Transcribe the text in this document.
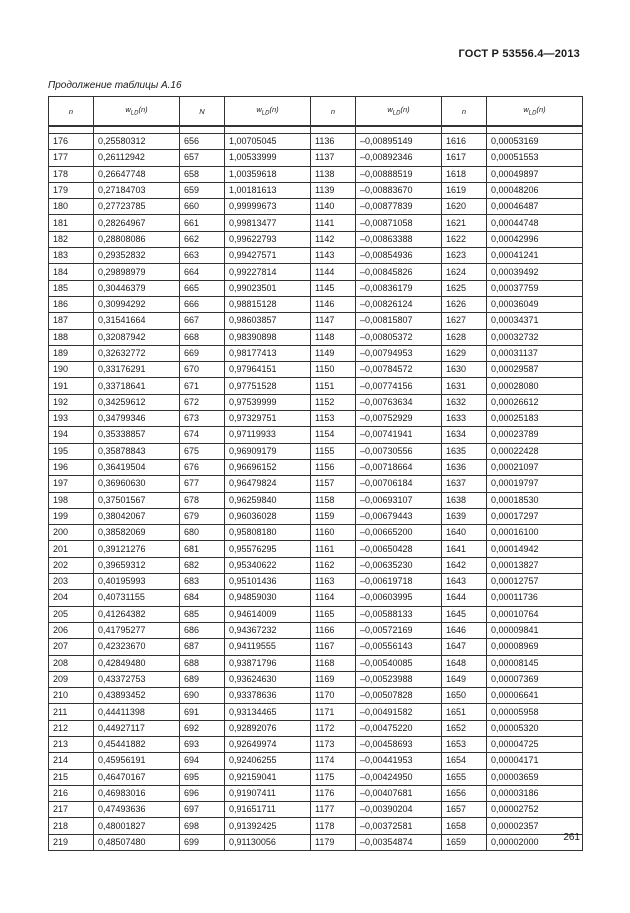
ГОСТ Р 53556.4—2013
Продолжение таблицы А.16
n	$w_{LD}(n)$	N	$w_{LD}(n)$	n	$w_{LD}(n)$	n	$w_{LD}(n)$

176	0,25580312	656	1,00705045	1136	–0,00895149	1616	0,00053169
177	0,26112942	657	1,00533999	1137	–0,00892346	1617	0,00051553
178	0,26647748	658	1,00359618	1138	–0,00888519	1618	0,00049897
179	0,27184703	659	1,00181613	1139	–0,00883670	1619	0,00048206
180	0,27723785	660	0,99999673	1140	–0,00877839	1620	0,00046487
181	0,28264967	661	0,99813477	1141	–0,00871058	1621	0,00044748
182	0,28808086	662	0,99622793	1142	–0,00863388	1622	0,00042996
183	0,29352832	663	0,99427571	1143	–0,00854936	1623	0,00041241
184	0,29898979	664	0,99227814	1144	–0,00845826	1624	0,00039492
185	0,30446379	665	0,99023501	1145	–0,00836179	1625	0,00037759
186	0,30994292	666	0,98815128	1146	–0,00826124	1626	0,00036049
187	0,31541664	667	0,98603857	1147	–0,00815807	1627	0,00034371
188	0,32087942	668	0,98390898	1148	–0,00805372	1628	0,00032732
189	0,32632772	669	0,98177413	1149	–0,00794953	1629	0,00031137
190	0,33176291	670	0,97964151	1150	–0,00784572	1630	0,00029587
191	0,33718641	671	0,97751528	1151	–0,00774156	1631	0,00028080
192	0,34259612	672	0,97539999	1152	–0,00763634	1632	0,00026612
193	0,34799346	673	0,97329751	1153	–0,00752929	1633	0,00025183
194	0,35338857	674	0,97119933	1154	–0,00741941	1634	0,00023789
195	0,35878843	675	0,96909179	1155	–0,00730556	1635	0,00022428
196	0,36419504	676	0,96696152	1156	–0,00718664	1636	0,00021097
197	0,36960630	677	0,96479824	1157	–0,00706184	1637	0,00019797
198	0,37501567	678	0,96259840	1158	–0,00693107	1638	0,00018530
199	0,38042067	679	0,96036028	1159	–0,00679443	1639	0,00017297
200	0,38582069	680	0,95808180	1160	–0,00665200	1640	0,00016100
201	0,39121276	681	0,95576295	1161	–0,00650428	1641	0,00014942
202	0,39659312	682	0,95340622	1162	–0,00635230	1642	0,00013827
203	0,40195993	683	0,95101436	1163	–0,00619718	1643	0,00012757
204	0,40731155	684	0,94859030	1164	–0,00603995	1644	0,00011736
205	0,41264382	685	0,94614009	1165	–0,00588133	1645	0,00010764
206	0,41795277	686	0,94367232	1166	–0,00572169	1646	0,00009841
207	0,42323670	687	0,94119555	1167	–0,00556143	1647	0,00008969
208	0,42849480	688	0,93871796	1168	–0,00540085	1648	0,00008145
209	0,43372753	689	0,93624630	1169	–0,00523988	1649	0,00007369
210	0,43893452	690	0,93378636	1170	–0,00507828	1650	0,00006641
211	0,44411398	691	0,93134465	1171	–0,00491582	1651	0,00005958
212	0,44927117	692	0,92892076	1172	–0,00475220	1652	0,00005320
213	0,45441882	693	0,92649974	1173	–0,00458693	1653	0,00004725
214	0,45956191	694	0,92406255	1174	–0,00441953	1654	0,00004171
215	0,46470167	695	0,92159041	1175	–0,00424950	1655	0,00003659
216	0,46983016	696	0,91907411	1176	–0,00407681	1656	0,00003186
217	0,47493636	697	0,91651711	1177	–0,00390204	1657	0,00002752
218	0,48001827	698	0,91392425	1178	–0,00372581	1658	0,00002357
219	0,48507480	699	0,91130056	1179	–0,00354874	1659	0,00002000 261
